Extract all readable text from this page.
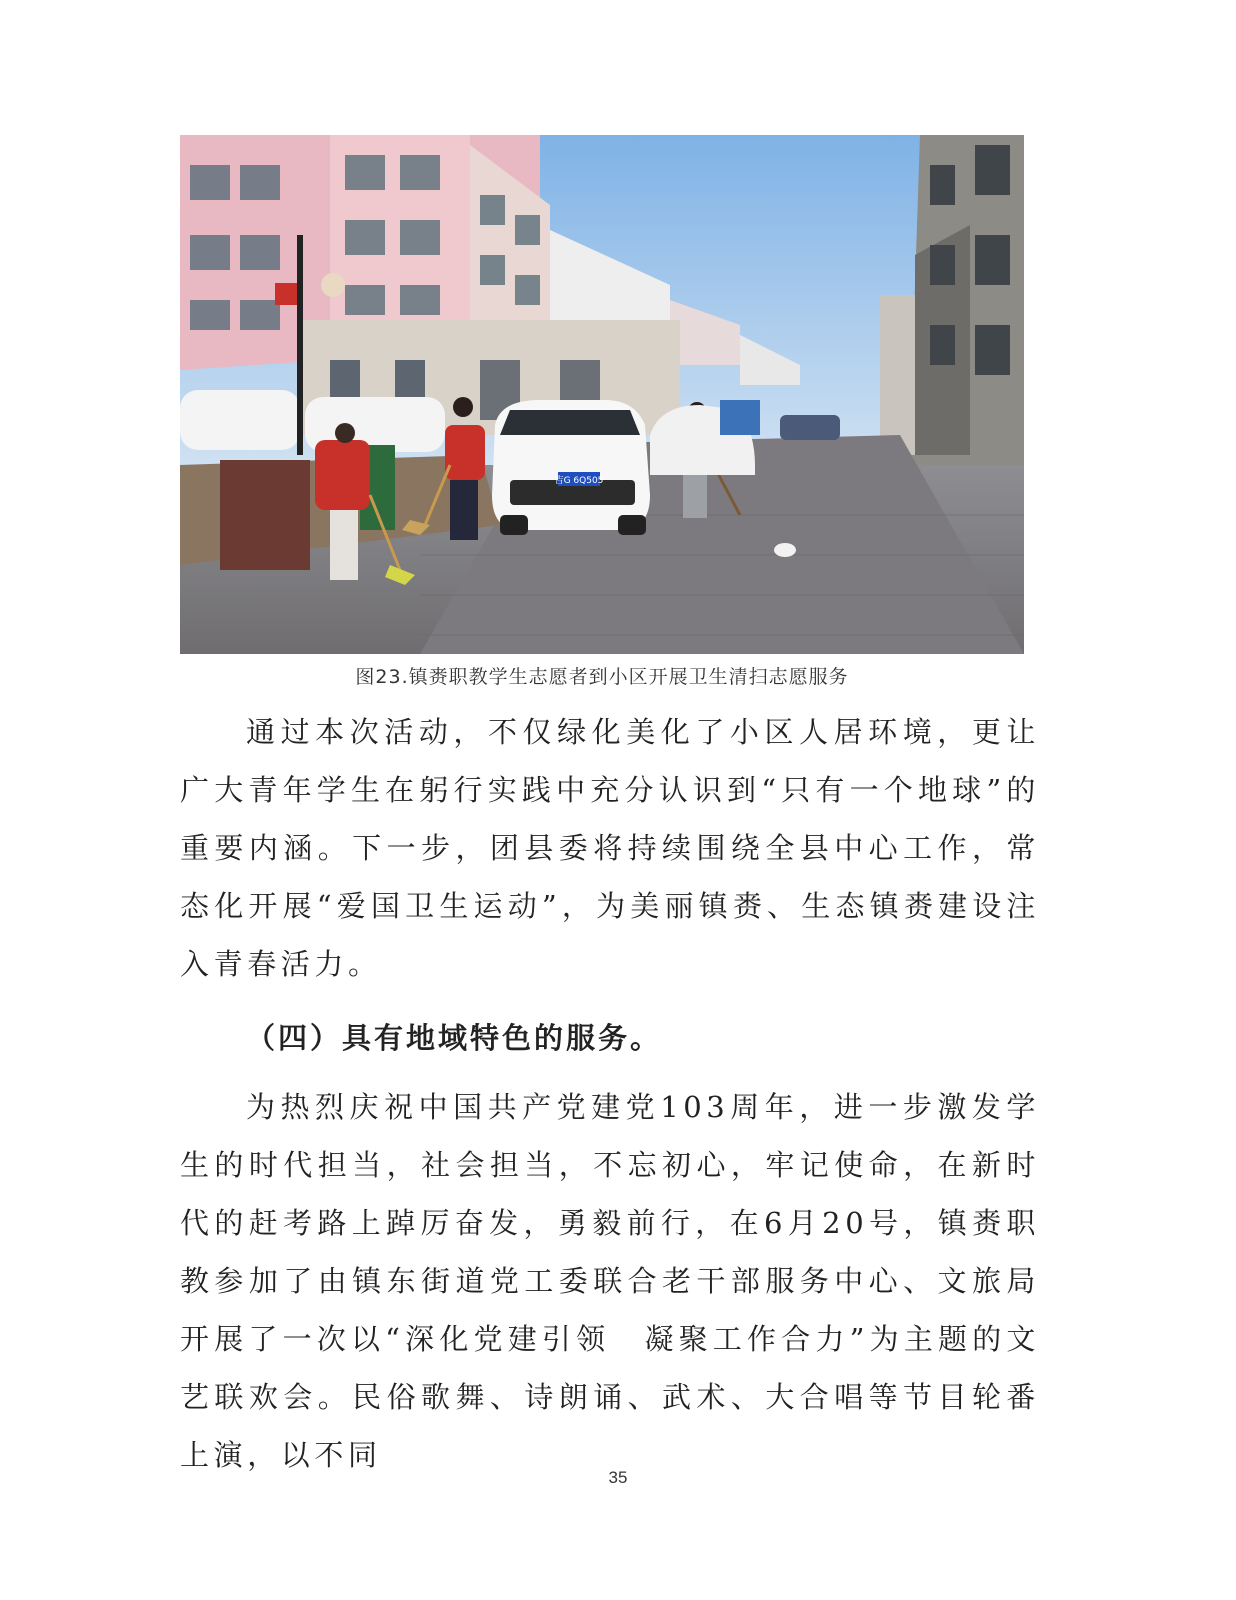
吉G 6Q505
图23.镇赉职教学生志愿者到小区开展卫生清扫志愿服务

通过本次活动，不仅绿化美化了小区人居环境，更让广大青年学生在躬行实践中充分认识到“只有一个地球”的重要内涵。下一步，团县委将持续围绕全县中心工作，常态化开展“爱国卫生运动”，为美丽镇赉、生态镇赉建设注入青春活力。

（四）具有地域特色的服务。

为热烈庆祝中国共产党建党103周年，进一步激发学生的时代担当，社会担当，不忘初心，牢记使命，在新时代的赶考路上踔厉奋发，勇毅前行，在6月20号，镇赉职教参加了由镇东街道党工委联合老干部服务中心、文旅局开展了一次以“深化党建引领　凝聚工作合力”为主题的文艺联欢会。民俗歌舞、诗朗诵、武术、大合唱等节目轮番上演，以不同

35
